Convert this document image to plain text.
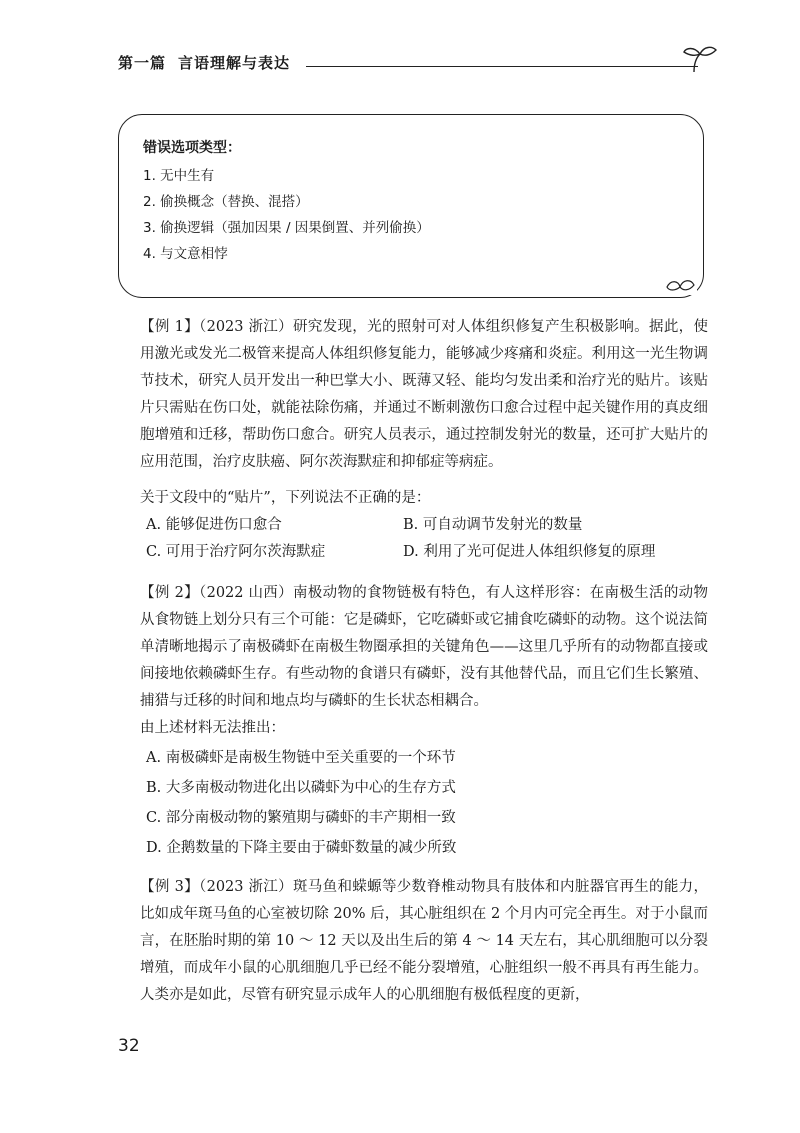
第一篇 言语理解与表达
错误选项类型：
1. 无中生有
2. 偷换概念（替换、混搭）
3. 偷换逻辑（强加因果 / 因果倒置、并列偷换）
4. 与文意相悖

【例 1】（2023 浙江）研究发现，光的照射可对人体组织修复产生积极影响。据此，使用激光或发光二极管来提高人体组织修复能力，能够减少疼痛和炎症。利用这一光生物调节技术，研究人员开发出一种巴掌大小、既薄又轻、能均匀发出柔和治疗光的贴片。该贴片只需贴在伤口处，就能祛除伤痛，并通过不断刺激伤口愈合过程中起关键作用的真皮细胞增殖和迁移，帮助伤口愈合。研究人员表示，通过控制发射光的数量，还可扩大贴片的应用范围，治疗皮肤癌、阿尔茨海默症和抑郁症等病症。

关于文段中的“贴片”，下列说法不正确的是：
A. 能够促进伤口愈合	B. 可自动调节发射光的数量
C. 可用于治疗阿尔茨海默症	D. 利用了光可促进人体组织修复的原理

【例 2】（2022 山西）南极动物的食物链极有特色，有人这样形容：在南极生活的动物从食物链上划分只有三个可能：它是磷虾，它吃磷虾或它捕食吃磷虾的动物。这个说法简单清晰地揭示了南极磷虾在南极生物圈承担的关键角色——这里几乎所有的动物都直接或间接地依赖磷虾生存。有些动物的食谱只有磷虾，没有其他替代品，而且它们生长繁殖、捕猎与迁移的时间和地点均与磷虾的生长状态相耦合。

由上述材料无法推出：
A. 南极磷虾是南极生物链中至关重要的一个环节
B. 大多南极动物进化出以磷虾为中心的生存方式
C. 部分南极动物的繁殖期与磷虾的丰产期相一致
D. 企鹅数量的下降主要由于磷虾数量的减少所致

【例 3】（2023 浙江）斑马鱼和蝾螈等少数脊椎动物具有肢体和内脏器官再生的能力，比如成年斑马鱼的心室被切除 20% 后，其心脏组织在 2 个月内可完全再生。对于小鼠而言，在胚胎时期的第 10 ～ 12 天以及出生后的第 4 ～ 14 天左右，其心肌细胞可以分裂增殖，而成年小鼠的心肌细胞几乎已经不能分裂增殖，心脏组织一般不再具有再生能力。人类亦是如此，尽管有研究显示成年人的心肌细胞有极低程度的更新，

32
